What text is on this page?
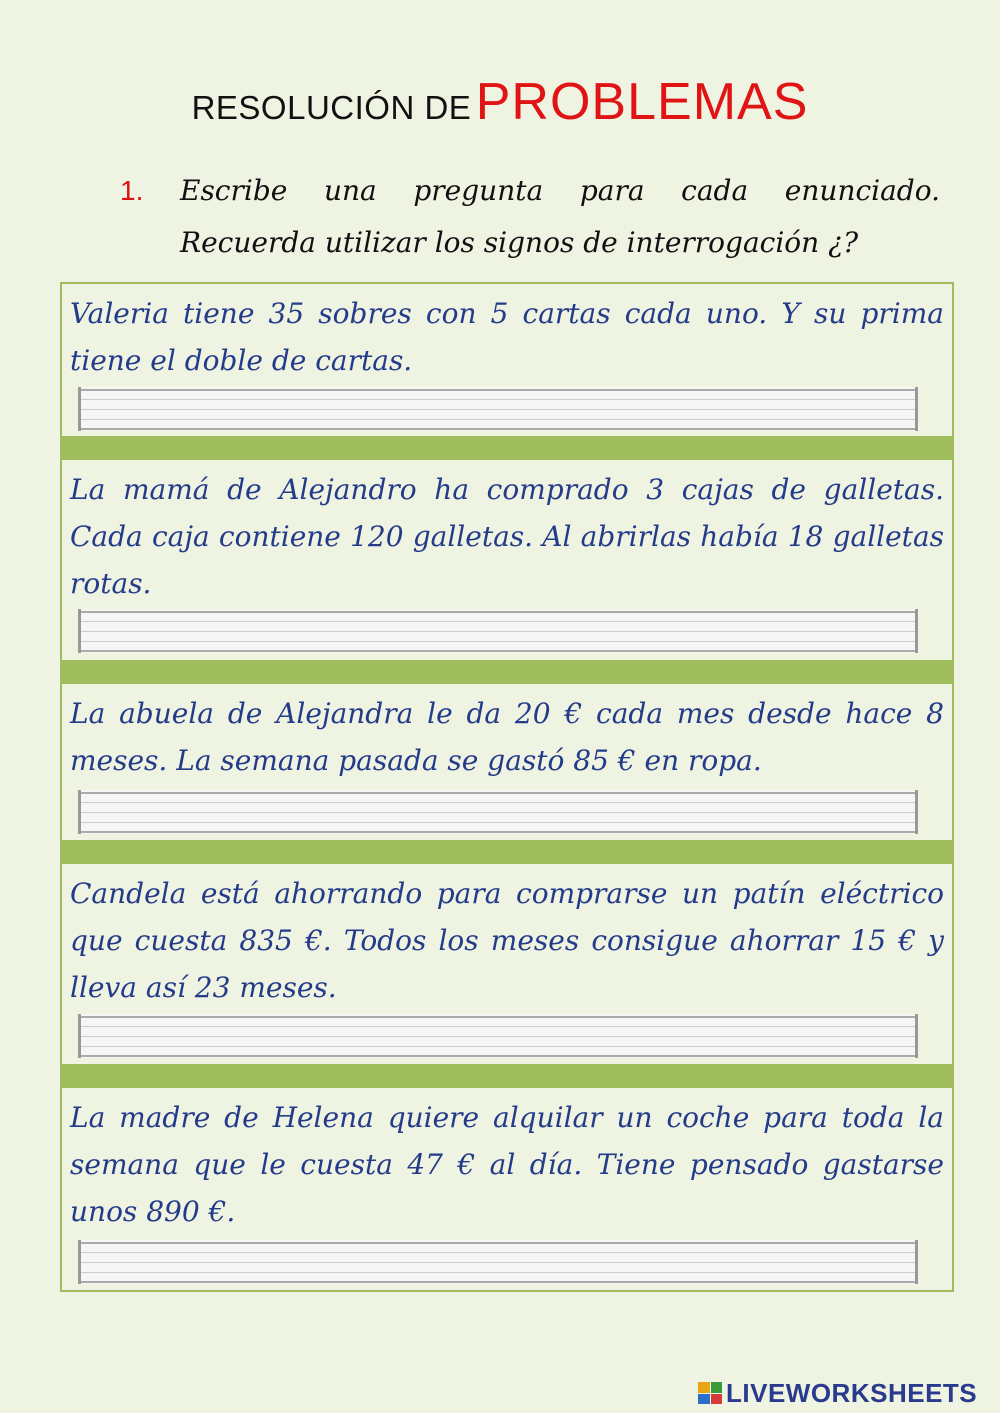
RESOLUCIÓN DE PROBLEMAS
1. Escribe una pregunta para cada enunciado.
Recuerda utilizar los signos de interrogación ¿?
Valeria tiene 35 sobres con 5 cartas cada uno. Y su prima tiene el doble de cartas.
La mamá de Alejandro ha comprado 3 cajas de galletas. Cada caja contiene 120 galletas. Al abrirlas había 18 galletas rotas.
La abuela de Alejandra le da 20 € cada mes desde hace 8 meses. La semana pasada se gastó 85 € en ropa.
Candela está ahorrando para comprarse un patín eléctrico que cuesta 835 €. Todos los meses consigue ahorrar 15 € y lleva así 23 meses.
La madre de Helena quiere alquilar un coche para toda la semana que le cuesta 47 € al día. Tiene pensado gastarse unos 890 €.
LIVEWORKSHEETS
